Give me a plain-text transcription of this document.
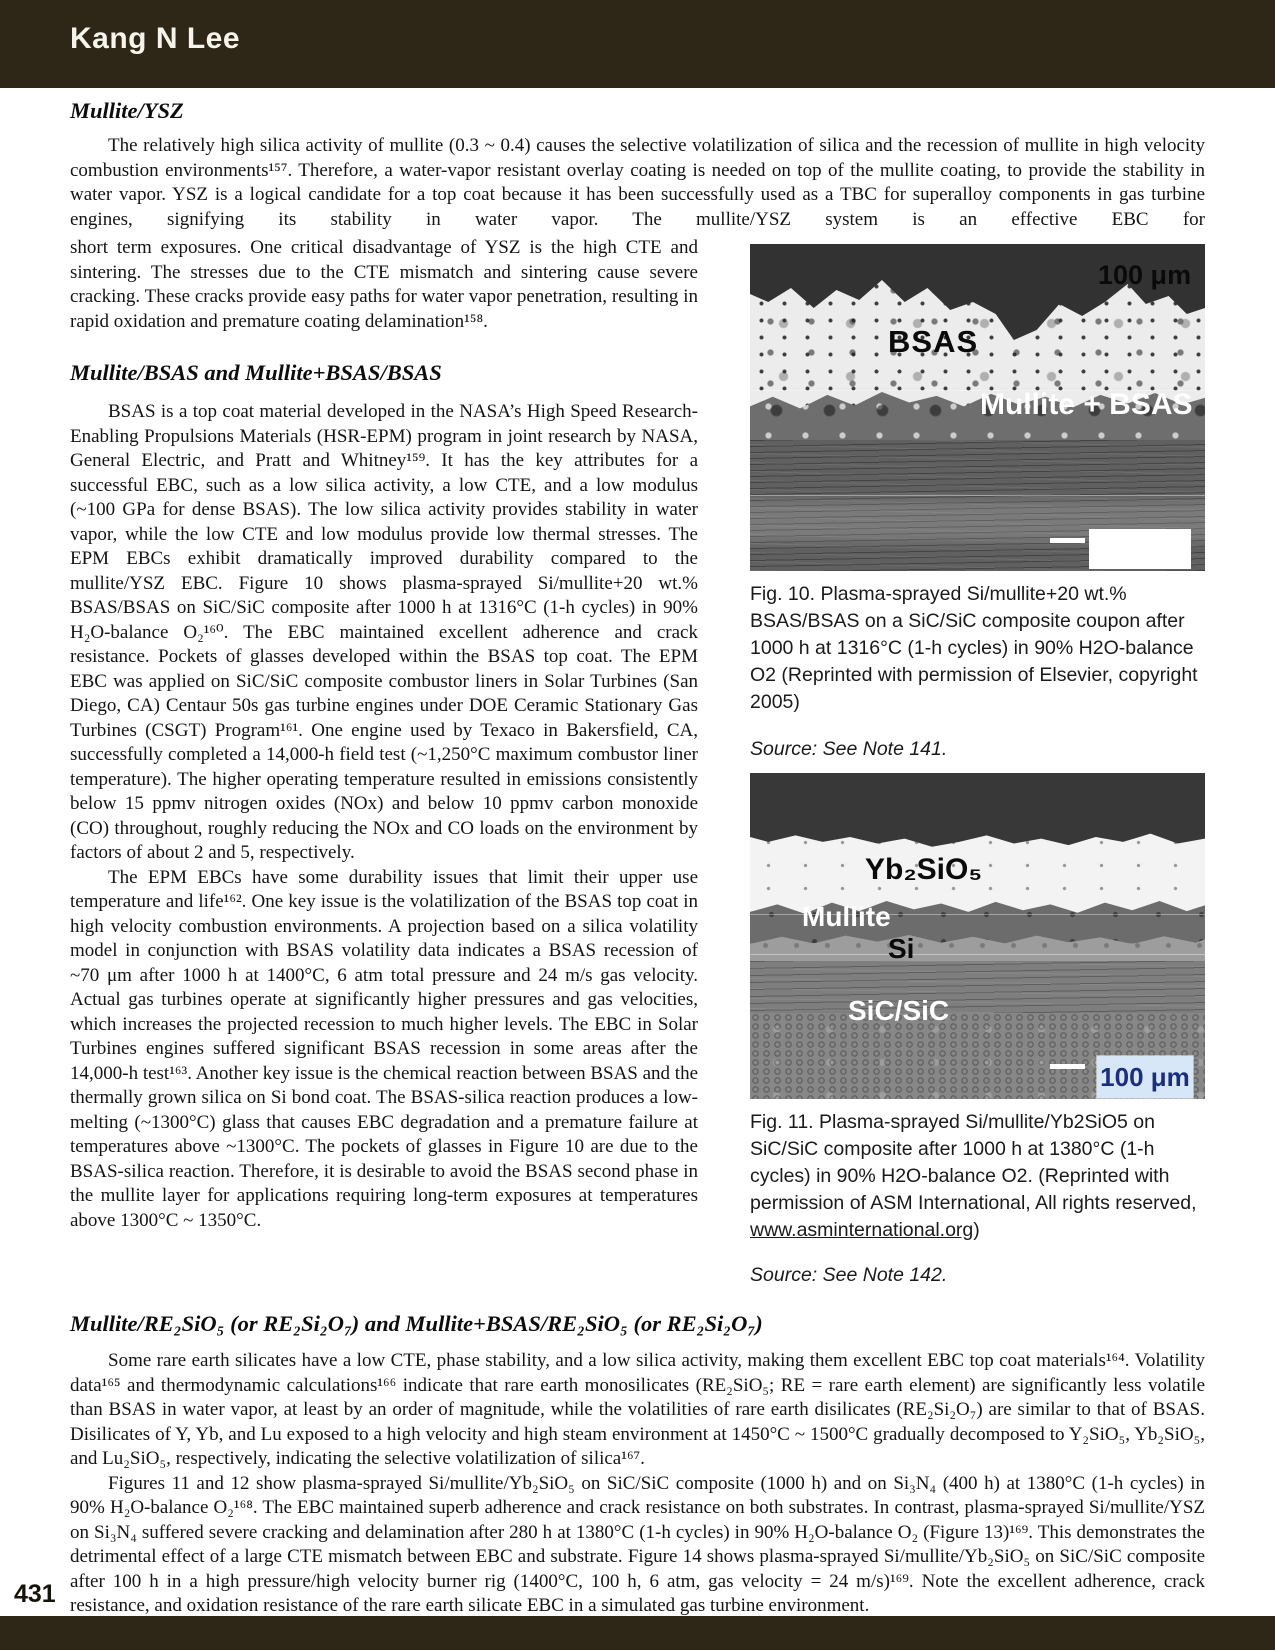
Kang N Lee
Mullite/YSZ

The relatively high silica activity of mullite (0.3 ~ 0.4) causes the selective volatilization of silica and the recession of mullite in high velocity combustion environments¹⁵⁷. Therefore, a water-vapor resistant overlay coating is needed on top of the mullite coating, to provide the stability in water vapor. YSZ is a logical candidate for a top coat because it has been successfully used as a TBC for superalloy components in gas turbine engines, signifying its stability in water vapor. The mullite/YSZ system is an effective EBC for

short term exposures. One critical disadvantage of YSZ is the high CTE and sintering. The stresses due to the CTE mismatch and sintering cause severe cracking. These cracks provide easy paths for water vapor penetration, resulting in rapid oxidation and premature coating delamination¹⁵⁸.

Mullite/BSAS and Mullite+BSAS/BSAS

BSAS is a top coat material developed in the NASA’s High Speed Research-Enabling Propulsions Materials (HSR-EPM) program in joint research by NASA, General Electric, and Pratt and Whitney¹⁵⁹. It has the key attributes for a successful EBC, such as a low silica activity, a low CTE, and a low modulus (~100 GPa for dense BSAS). The low silica activity provides stability in water vapor, while the low CTE and low modulus provide low thermal stresses. The EPM EBCs exhibit dramatically improved durability compared to the mullite/YSZ EBC. Figure 10 shows plasma-sprayed Si/mullite+20 wt.% BSAS/BSAS on SiC/SiC composite after 1000 h at 1316°C (1-h cycles) in 90% H₂O-balance O₂¹⁶⁰. The EBC maintained excellent adherence and crack resistance. Pockets of glasses developed within the BSAS top coat. The EPM EBC was applied on SiC/SiC composite combustor liners in Solar Turbines (San Diego, CA) Centaur 50s gas turbine engines under DOE Ceramic Stationary Gas Turbines (CSGT) Program¹⁶¹. One engine used by Texaco in Bakersfield, CA, successfully completed a 14,000-h field test (~1,250°C maximum combustor liner temperature). The higher operating temperature resulted in emissions consistently below 15 ppmv nitrogen oxides (NOx) and below 10 ppmv carbon monoxide (CO) throughout, roughly reducing the NOx and CO loads on the environment by factors of about 2 and 5, respectively.

The EPM EBCs have some durability issues that limit their upper use temperature and life¹⁶². One key issue is the volatilization of the BSAS top coat in high velocity combustion environments. A projection based on a silica volatility model in conjunction with BSAS volatility data indicates a BSAS recession of ~70 μm after 1000 h at 1400°C, 6 atm total pressure and 24 m/s gas velocity. Actual gas turbines operate at significantly higher pressures and gas velocities, which increases the projected recession to much higher levels. The EBC in Solar Turbines engines suffered significant BSAS recession in some areas after the 14,000-h test¹⁶³. Another key issue is the chemical reaction between BSAS and the thermally grown silica on Si bond coat. The BSAS-silica reaction produces a low-melting (~1300°C) glass that causes EBC degradation and a premature failure at temperatures above ~1300°C. The pockets of glasses in Figure 10 are due to the BSAS-silica reaction. Therefore, it is desirable to avoid the BSAS second phase in the mullite layer for applications requiring long-term exposures at temperatures above 1300°C ~ 1350°C.

100 μm
BSAS
Mullite + BSAS
Fig. 10. Plasma-sprayed Si/mullite+20 wt.% BSAS/BSAS on a SiC/SiC composite coupon after 1000 h at 1316°C (1-h cycles) in 90% H2O-balance O2 (Reprinted with permission of Elsevier, copyright 2005)
Source: See Note 141.
Yb₂SiO₅
Mullite
Si
SiC/SiC
100 μm
Fig. 11. Plasma-sprayed Si/mullite/Yb2SiO5 on SiC/SiC composite after 1000 h at 1380°C (1-h cycles) in 90% H2O-balance O2. (Reprinted with permission of ASM International, All rights reserved, www.asminternational.org)
Source: See Note 142.
Mullite/RE₂SiO₅ (or RE₂Si₂O₇) and Mullite+BSAS/RE₂SiO₅ (or RE₂Si₂O₇)

Some rare earth silicates have a low CTE, phase stability, and a low silica activity, making them excellent EBC top coat materials¹⁶⁴. Volatility data¹⁶⁵ and thermodynamic calculations¹⁶⁶ indicate that rare earth monosilicates (RE₂SiO₅; RE = rare earth element) are significantly less volatile than BSAS in water vapor, at least by an order of magnitude, while the volatilities of rare earth disilicates (RE₂Si₂O₇) are similar to that of BSAS. Disilicates of Y, Yb, and Lu exposed to a high velocity and high steam environment at 1450°C ~ 1500°C gradually decomposed to Y₂SiO₅, Yb₂SiO₅, and Lu₂SiO₅, respectively, indicating the selective volatilization of silica¹⁶⁷.

Figures 11 and 12 show plasma-sprayed Si/mullite/Yb₂SiO₅ on SiC/SiC composite (1000 h) and on Si₃N₄ (400 h) at 1380°C (1-h cycles) in 90% H₂O-balance O₂¹⁶⁸. The EBC maintained superb adherence and crack resistance on both substrates. In contrast, plasma-sprayed Si/mullite/YSZ on Si₃N₄ suffered severe cracking and delamination after 280 h at 1380°C (1-h cycles) in 90% H₂O-balance O₂ (Figure 13)¹⁶⁹. This demonstrates the detrimental effect of a large CTE mismatch between EBC and substrate. Figure 14 shows plasma-sprayed Si/mullite/Yb₂SiO₅ on SiC/SiC composite after 100 h in a high pressure/high velocity burner rig (1400°C, 100 h, 6 atm, gas velocity = 24 m/s)¹⁶⁹. Note the excellent adherence, crack resistance, and oxidation resistance of the rare earth silicate EBC in a simulated gas turbine environment.

431
